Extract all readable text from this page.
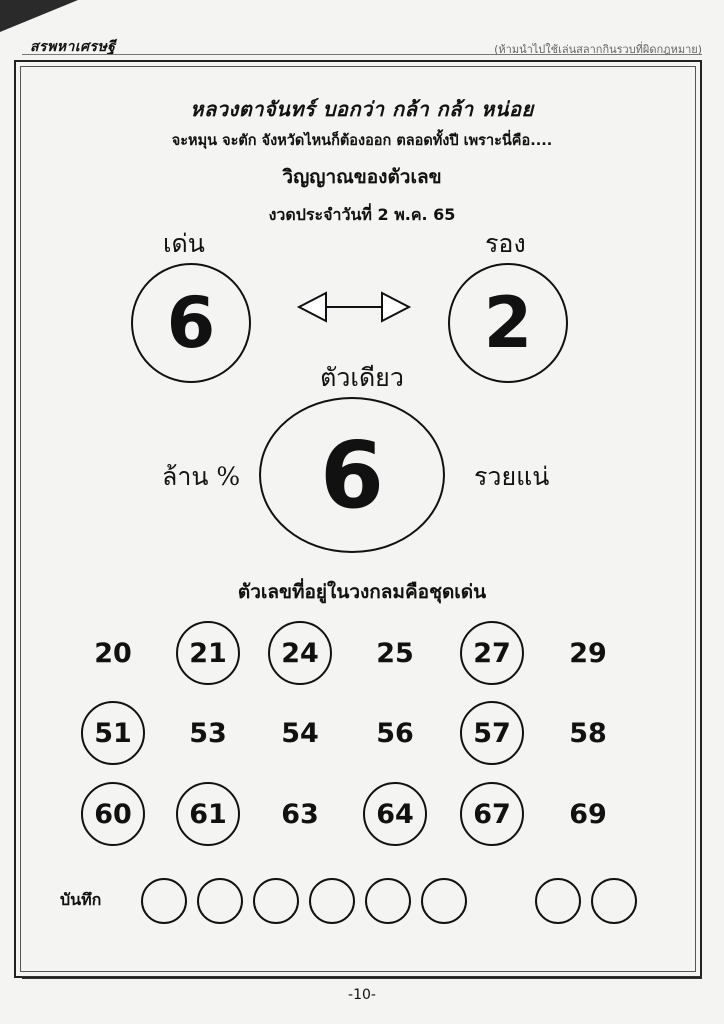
สรพหาเศรษฐี	(ห้ามนำไปใช้เล่นสลากกินรวบที่ผิดกฎหมาย)
หลวงตาจันทร์ บอกว่า กล้า กล้า หน่อย
จะหมุน จะตัก จังหวัดไหนก็ต้องออก ตลอดทั้งปี เพราะนี่คือ....
วิญญาณของตัวเลข
งวดประจำวันที่ 2 พ.ค. 65
เด่น	รอง
6	2
ตัวเดียว
6
ล้าน %	รวยแน่
ตัวเลขที่อยู่ในวงกลมคือชุดเด่น
20	21	24	25	27	29
51	53	54	56	57	58
60	61	63	64	67	69
บันทึก
-10-
